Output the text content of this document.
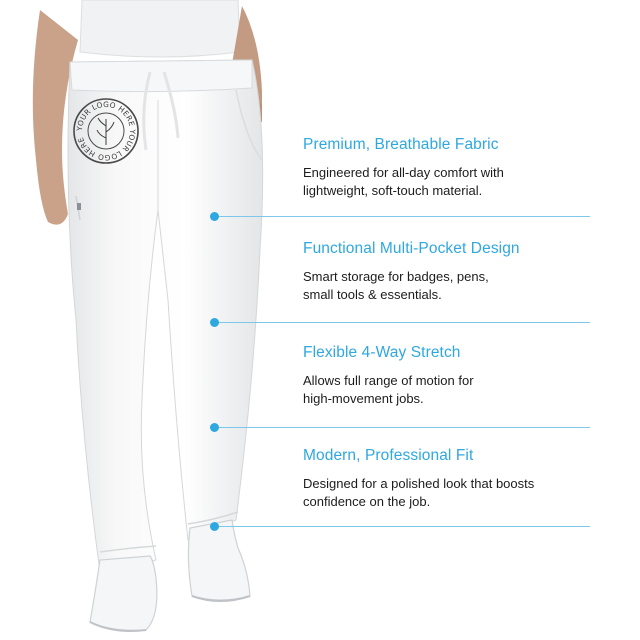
YOUR LOGO HERE YOUR LOGO HERE	Premium, Breathable Fabric

Engineered for all-day comfort with
lightweight, soft-touch material.

Functional Multi-Pocket Design

Smart storage for badges, pens,
small tools & essentials.

Flexible 4-Way Stretch

Allows full range of motion for
high-movement jobs.

Modern, Professional Fit

Designed for a polished look that boosts
confidence on the job.
